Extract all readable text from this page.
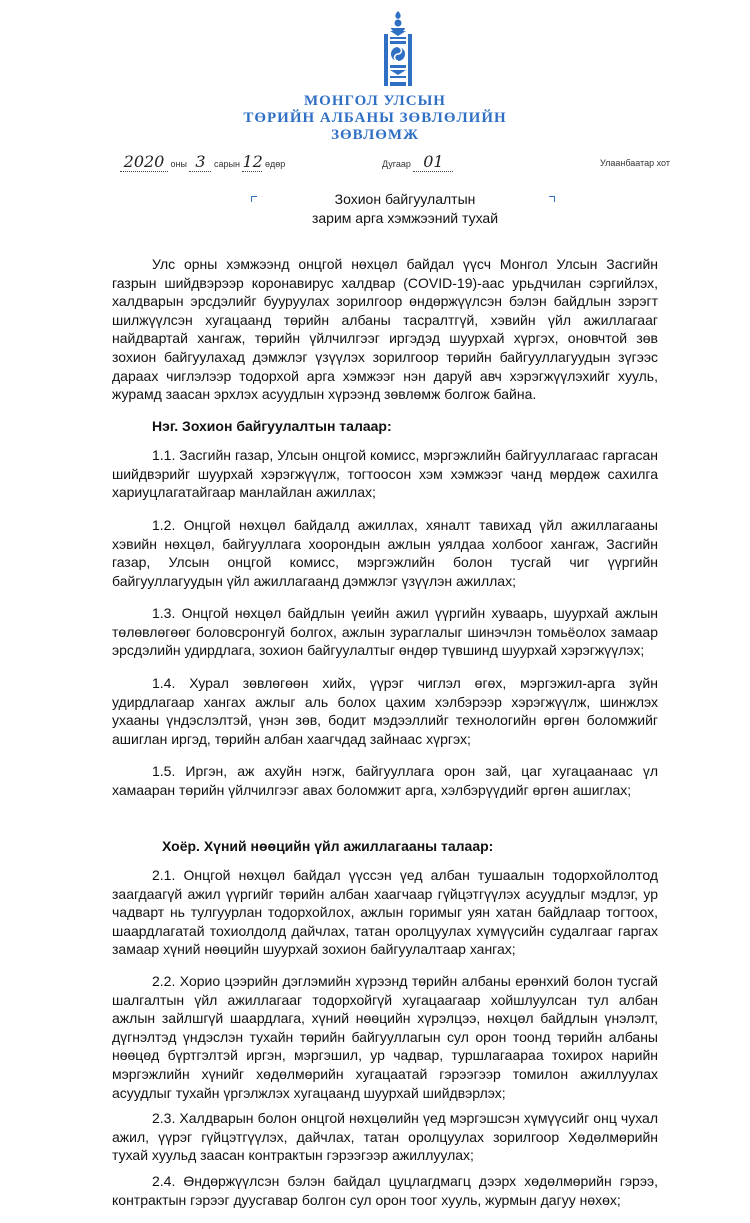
МОНГОЛ УЛСЫН
ТӨРИЙН АЛБАНЫ ЗӨВЛӨЛИЙН
ЗӨВЛӨМЖ
2020 оны 3 сарын 12 өдөр	Дугаар 01	Улаанбаатар хот
Зохион байгуулалтын
зарим арга хэмжээний тухай

Улс орны хэмжээнд онцгой нөхцөл байдал үүсч Монгол Улсын Засгийн газрын шийдвэрээр коронавирус халдвар (COVID-19)-аас урьдчилан сэргийлэх, халдварын эрсдэлийг бууруулах зорилгоор өндөржүүлсэн бэлэн байдлын зэрэгт шилжүүлсэн хугацаанд төрийн албаны тасралтгүй, хэвийн үйл ажиллагааг найдвартай хангаж, төрийн үйлчилгээг иргэдэд шуурхай хүргэх, оновчтой зөв зохион байгуулахад дэмжлэг үзүүлэх зорилгоор төрийн байгууллагуудын зүгээс дараах чиглэлээр тодорхой арга хэмжээг нэн даруй авч хэрэгжүүлэхийг хууль, журамд заасан эрхлэх асуудлын хүрээнд зөвлөмж болгож байна.

Нэг. Зохион байгуулалтын талаар:

1.1. Засгийн газар, Улсын онцгой комисс, мэргэжлийн байгууллагаас гаргасан шийдвэрийг шуурхай хэрэгжүүлж, тогтоосон хэм хэмжээг чанд мөрдөж сахилга хариуцлагатайгаар манлайлан ажиллах;

1.2. Онцгой нөхцөл байдалд ажиллах, хяналт тавихад үйл ажиллагааны хэвийн нөхцөл, байгууллага хоорондын ажлын уялдаа холбоог хангаж, Засгийн газар, Улсын онцгой комисс, мэргэжлийн болон тусгай чиг үүргийн байгууллагуудын үйл ажиллагаанд дэмжлэг үзүүлэн ажиллах;

1.3. Онцгой нөхцөл байдлын үеийн ажил үүргийн хуваарь, шуурхай ажлын төлөвлөгөөг боловсронгуй болгох, ажлын зураглалыг шинэчлэн томьёолох замаар эрсдэлийн удирдлага, зохион байгуулалтыг өндөр түвшинд шуурхай хэрэгжүүлэх;

1.4. Хурал зөвлөгөөн хийх, үүрэг чиглэл өгөх, мэргэжил-арга зүйн удирдлагаар хангах ажлыг аль болох цахим хэлбэрээр хэрэгжүүлж, шинжлэх ухааны үндэслэлтэй, үнэн зөв, бодит мэдээллийг технологийн өргөн боломжийг ашиглан иргэд, төрийн албан хаагчдад зайнаас хүргэх;

1.5. Иргэн, аж ахуйн нэгж, байгууллага орон зай, цаг хугацаанаас үл хамааран төрийн үйлчилгээг авах боломжит арга, хэлбэрүүдийг өргөн ашиглах;

Хоёр. Хүний нөөцийн үйл ажиллагааны талаар:

2.1. Онцгой нөхцөл байдал үүссэн үед албан тушаалын тодорхойлолтод заагдаагүй ажил үүргийг төрийн албан хаагчаар гүйцэтгүүлэх асуудлыг мэдлэг, ур чадварт нь тулгуурлан тодорхойлох, ажлын горимыг уян хатан байдлаар тогтоох, шаардлагатай тохиолдолд дайчлах, татан оролцуулах хүмүүсийн судалгааг гаргах замаар хүний нөөцийн шуурхай зохион байгуулалтаар хангах;

2.2. Хорио цээрийн дэглэмийн хүрээнд төрийн албаны ерөнхий болон тусгай шалгалтын үйл ажиллагааг тодорхойгүй хугацаагаар хойшлуулсан тул албан ажлын зайлшгүй шаардлага, хүний нөөцийн хүрэлцээ, нөхцөл байдлын үнэлэлт, дүгнэлтэд үндэслэн тухайн төрийн байгууллагын сул орон тоонд төрийн албаны нөөцөд бүртгэлтэй иргэн, мэргэшил, ур чадвар, туршлагаараа тохирох нарийн мэргэжлийн хүнийг хөдөлмөрийн хугацаатай гэрээгээр томилон ажиллуулах асуудлыг тухайн үргэлжлэх хугацаанд шуурхай шийдвэрлэх;

2.3. Халдварын болон онцгой нөхцөлийн үед мэргэшсэн хүмүүсийг онц чухал ажил, үүрэг гүйцэтгүүлэх, дайчлах, татан оролцуулах зорилгоор Хөдөлмөрийн тухай хуульд заасан контрактын гэрээгээр ажиллуулах;

2.4. Өндөржүүлсэн бэлэн байдал цуцлагдмагц дээрх хөдөлмөрийн гэрээ, контрактын гэрээг дуусгавар болгон сул орон тоог хууль, журмын дагуу нөхөх;
